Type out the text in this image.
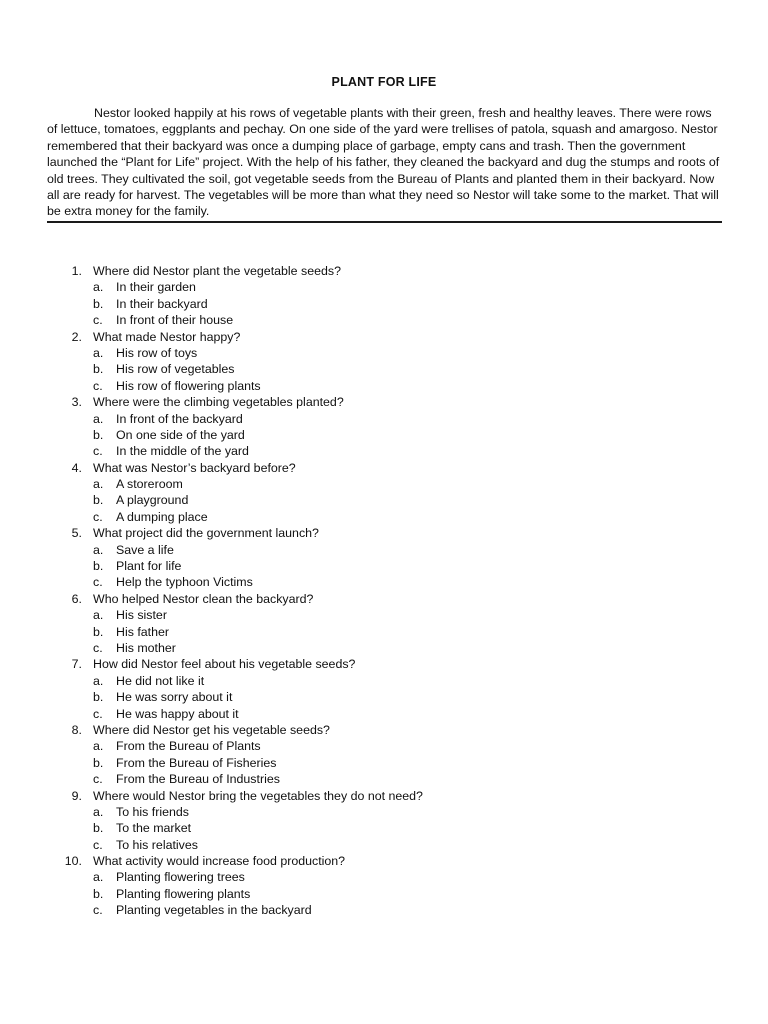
PLANT FOR LIFE

Nestor looked happily at his rows of vegetable plants with their green, fresh and healthy leaves. There were rows of lettuce, tomatoes, eggplants and pechay. On one side of the yard were trellises of patola, squash and amargoso. Nestor remembered that their backyard was once a dumping place of garbage, empty cans and trash. Then the government launched the “Plant for Life” project. With the help of his father, they cleaned the backyard and dug the stumps and roots of old trees. They cultivated the soil, got vegetable seeds from the Bureau of Plants and planted them in their backyard. Now all are ready for harvest. The vegetables will be more than what they need so Nestor will take some to the market. That will be extra money for the family.

1. Where did Nestor plant the vegetable seeds?
a. In their garden
b. In their backyard
c.	In front of their house
2. What made Nestor happy?
a. His row of toys
b. His row of vegetables
c.	His row of flowering plants
3. Where were the climbing vegetables planted?
a. In front of the backyard
b. On one side of the yard
c.	In the middle of the yard
4. What was Nestor’s backyard before?
a. A storeroom
b. A playground
c.	A dumping place
5. What project did the government launch?
a. Save a life
b. Plant for life
c.	Help the typhoon Victims
6. Who helped Nestor clean the backyard?
a. His sister
b. His father
c.	His mother
7. How did Nestor feel about his vegetable seeds?
a. He did not like it
b. He was sorry about it
c.	He was happy about it
8. Where did Nestor get his vegetable seeds?
a. From the Bureau of Plants
b. From the Bureau of Fisheries
c.	From the Bureau of Industries
9. Where would Nestor bring the vegetables they do not need?
a. To his friends
b. To the market
c.	To his relatives
10. What activity would increase food production?
a. Planting flowering trees
b. Planting flowering plants
c.	Planting vegetables in the backyard
